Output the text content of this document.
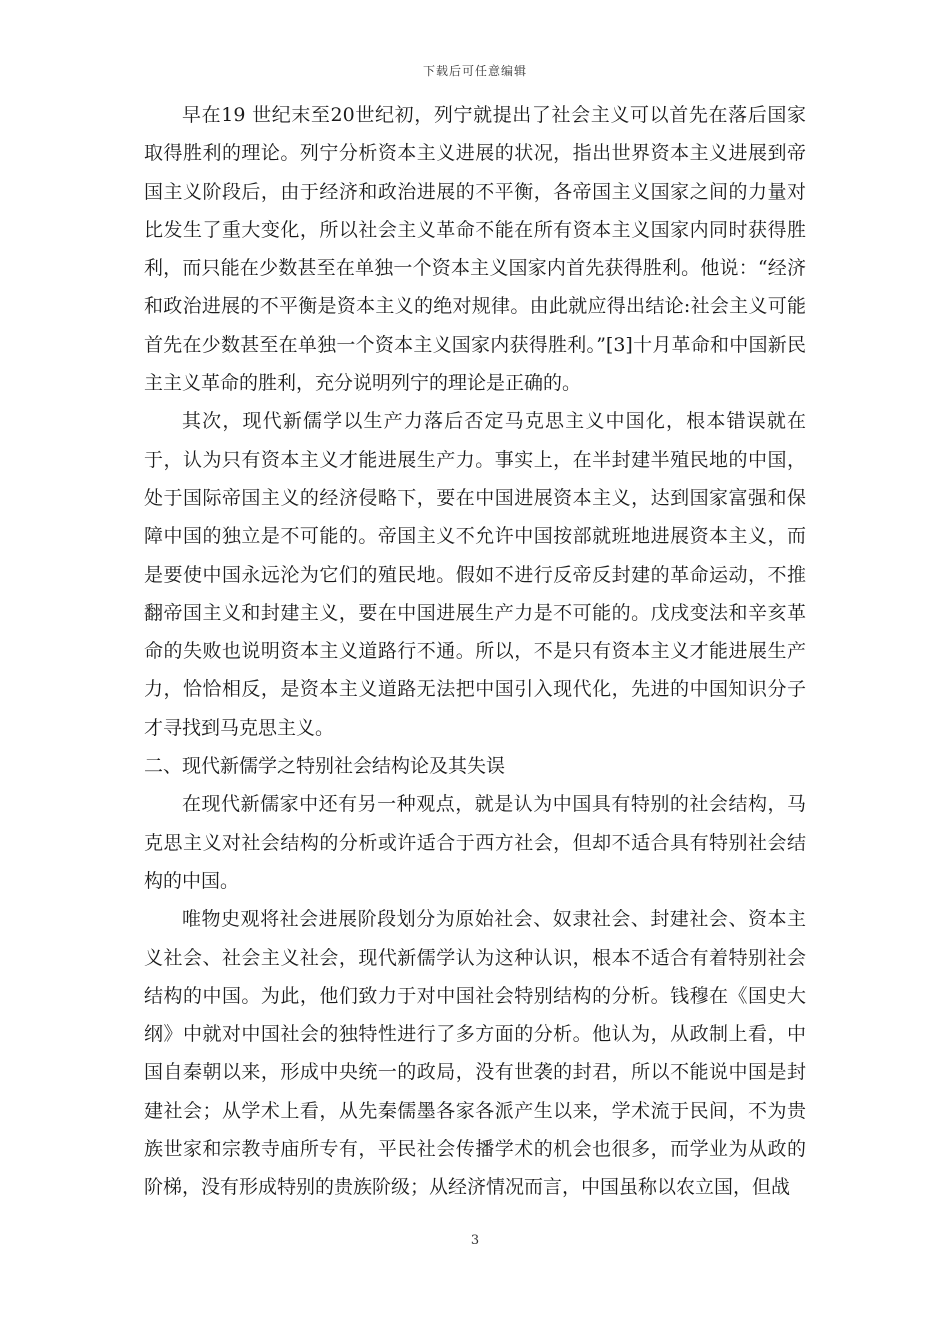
下载后可任意编辑

早在19 世纪末至20世纪初，列宁就提出了社会主义可以首先在落后国家取得胜利的理论。列宁分析资本主义进展的状况，指出世界资本主义进展到帝国主义阶段后，由于经济和政治进展的不平衡，各帝国主义国家之间的力量对比发生了重大变化，所以社会主义革命不能在所有资本主义国家内同时获得胜利，而只能在少数甚至在单独一个资本主义国家内首先获得胜利。他说：“经济和政治进展的不平衡是资本主义的绝对规律。由此就应得出结论:社会主义可能首先在少数甚至在单独一个资本主义国家内获得胜利。”[3]十月革命和中国新民主主义革命的胜利，充分说明列宁的理论是正确的。

其次，现代新儒学以生产力落后否定马克思主义中国化，根本错误就在于，认为只有资本主义才能进展生产力。事实上，在半封建半殖民地的中国，处于国际帝国主义的经济侵略下，要在中国进展资本主义，达到国家富强和保障中国的独立是不可能的。帝国主义不允许中国按部就班地进展资本主义，而是要使中国永远沦为它们的殖民地。假如不进行反帝反封建的革命运动，不推翻帝国主义和封建主义，要在中国进展生产力是不可能的。戊戌变法和辛亥革命的失败也说明资本主义道路行不通。所以，不是只有资本主义才能进展生产力，恰恰相反，是资本主义道路无法把中国引入现代化，先进的中国知识分子才寻找到马克思主义。

二、现代新儒学之特别社会结构论及其失误

在现代新儒家中还有另一种观点，就是认为中国具有特别的社会结构，马克思主义对社会结构的分析或许适合于西方社会，但却不适合具有特别社会结构的中国。

唯物史观将社会进展阶段划分为原始社会、奴隶社会、封建社会、资本主义社会、社会主义社会，现代新儒学认为这种认识，根本不适合有着特别社会结构的中国。为此，他们致力于对中国社会特别结构的分析。钱穆在《国史大纲》中就对中国社会的独特性进行了多方面的分析。他认为，从政制上看，中国自秦朝以来，形成中央统一的政局，没有世袭的封君，所以不能说中国是封建社会；从学术上看，从先秦儒墨各家各派产生以来，学术流于民间，不为贵族世家和宗教寺庙所专有，平民社会传播学术的机会也很多，而学业为从政的阶梯，没有形成特别的贵族阶级；从经济情况而言，中国虽称以农立国，但战

3
